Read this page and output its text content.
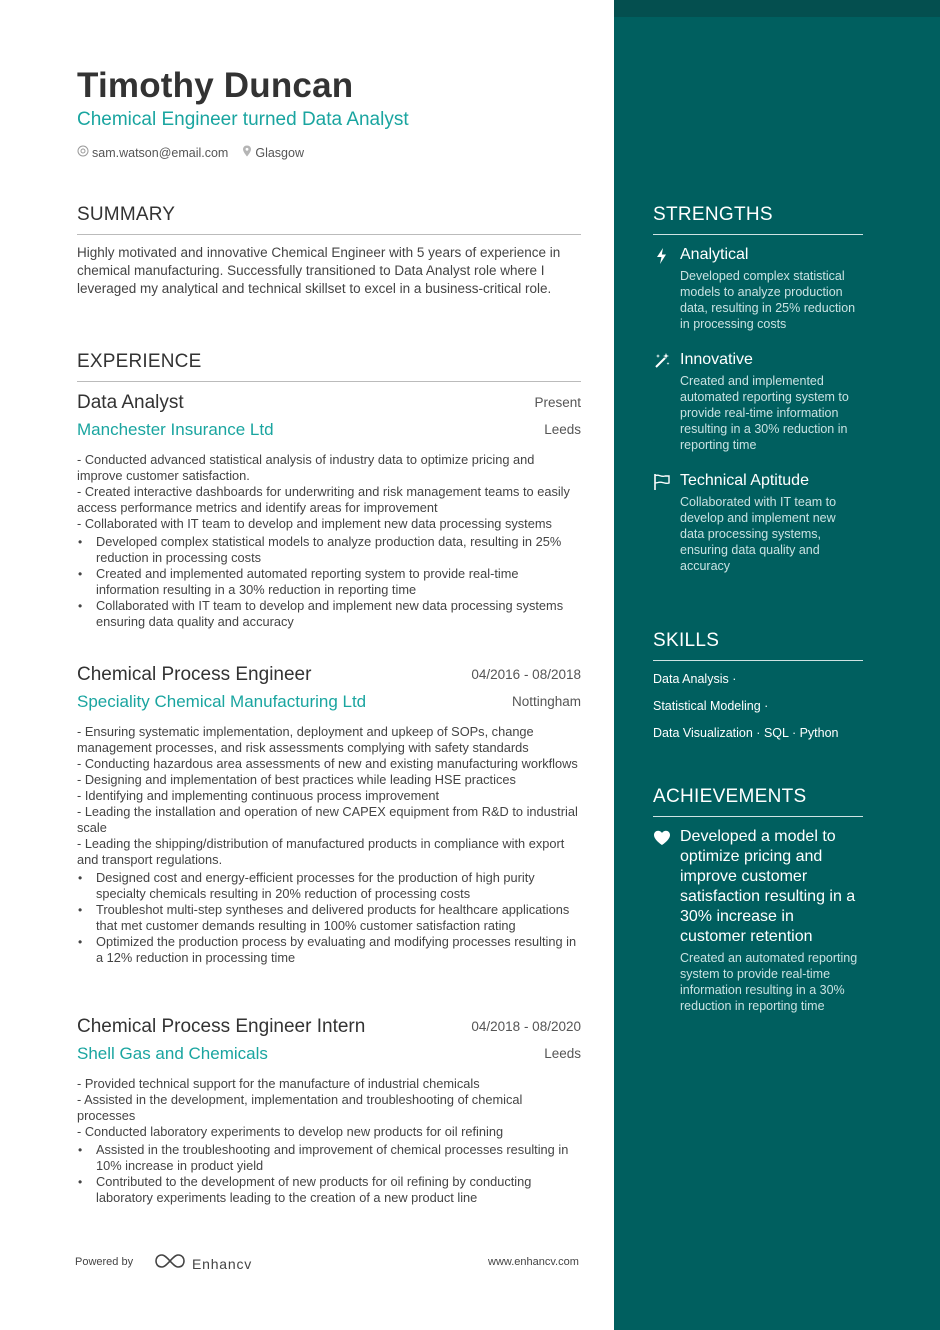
Timothy Duncan
Chemical Engineer turned Data Analyst
sam.watson@email.com Glasgow
SUMMARY

Highly motivated and innovative Chemical Engineer with 5 years of experience in chemical manufacturing. Successfully transitioned to Data Analyst role where I leveraged my analytical and technical skillset to excel in a business-critical role.

EXPERIENCE
Data Analyst	Present
Manchester Insurance Ltd	Leeds
- Conducted advanced statistical analysis of industry data to optimize pricing and improve customer satisfaction.
- Created interactive dashboards for underwriting and risk management teams to easily access performance metrics and identify areas for improvement
- Collaborated with IT team to develop and implement new data processing systems
• Developed complex statistical models to analyze production data, resulting in 25% reduction in processing costs
• Created and implemented automated reporting system to provide real-time information resulting in a 30% reduction in reporting time
• Collaborated with IT team to develop and implement new data processing systems ensuring data quality and accuracy
Chemical Process Engineer	04/2016 - 08/2018
Speciality Chemical Manufacturing Ltd	Nottingham
- Ensuring systematic implementation, deployment and upkeep of SOPs, change management processes, and risk assessments complying with safety standards
- Conducting hazardous area assessments of new and existing manufacturing workflows
- Designing and implementation of best practices while leading HSE practices
- Identifying and implementing continuous process improvement
- Leading the installation and operation of new CAPEX equipment from R&D to industrial scale
- Leading the shipping/distribution of manufactured products in compliance with export and transport regulations.
• Designed cost and energy-efficient processes for the production of high purity specialty chemicals resulting in 20% reduction of processing costs
• Troubleshot multi-step syntheses and delivered products for healthcare applications that met customer demands resulting in 100% customer satisfaction rating
• Optimized the production process by evaluating and modifying processes resulting in a 12% reduction in processing time
Chemical Process Engineer Intern	04/2018 - 08/2020
Shell Gas and Chemicals	Leeds
- Provided technical support for the manufacture of industrial chemicals
- Assisted in the development, implementation and troubleshooting of chemical processes
- Conducted laboratory experiments to develop new products for oil refining
• Assisted in the troubleshooting and improvement of chemical processes resulting in 10% increase in product yield
• Contributed to the development of new products for oil refining by conducting laboratory experiments leading to the creation of a new product line
Powered by	Enhancv	www.enhancv.com
STRENGTHS
Analytical
Developed complex statistical models to analyze production data, resulting in 25% reduction in processing costs
Innovative
Created and implemented automated reporting system to provide real-time information resulting in a 30% reduction in reporting time
Technical Aptitude
Collaborated with IT team to develop and implement new data processing systems, ensuring data quality and accuracy
SKILLS
Data Analysis ·
Statistical Modeling ·
Data Visualization · SQL · Python
ACHIEVEMENTS
Developed a model to optimize pricing and improve customer satisfaction resulting in a 30% increase in customer retention
Created an automated reporting system to provide real-time information resulting in a 30% reduction in reporting time
